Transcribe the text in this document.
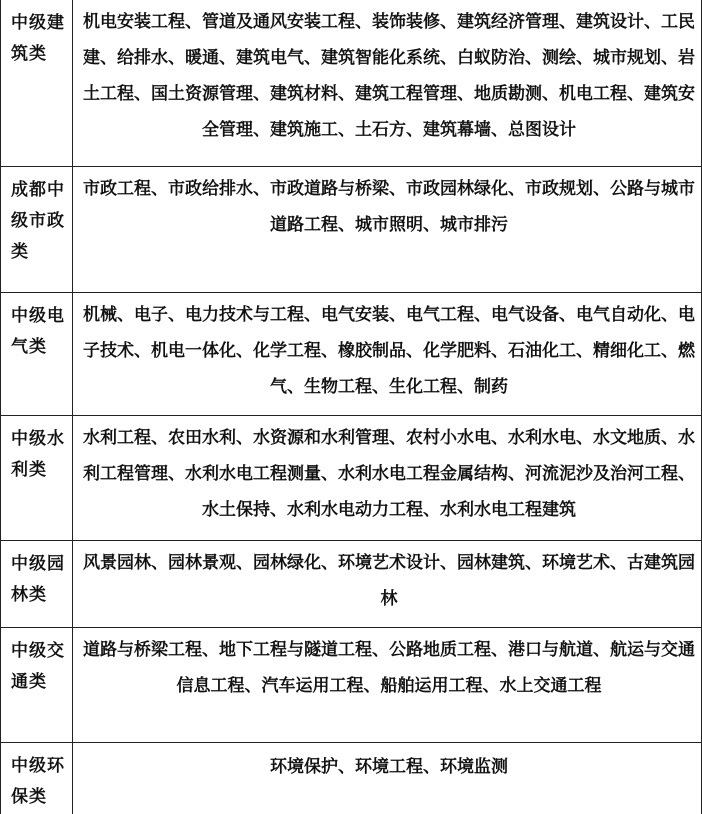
中级建筑类
机电安装工程、管道及通风安装工程、装饰装修、建筑经济管理、建筑设计、工民建、给排水、暖通、建筑电气、建筑智能化系统、白蚁防治、测绘、城市规划、岩土工程、国土资源管理、建筑材料、建筑工程管理、地质勘测、机电工程、建筑安全管理、建筑施工、土石方、建筑幕墙、总图设计
成都中级市政类
市政工程、市政给排水、市政道路与桥梁、市政园林绿化、市政规划、公路与城市道路工程、城市照明、城市排污
中级电气类
机械、电子、电力技术与工程、电气安装、电气工程、电气设备、电气自动化、电子技术、机电一体化、化学工程、橡胶制品、化学肥料、石油化工、精细化工、燃气、生物工程、生化工程、制药
中级水利类
水利工程、农田水利、水资源和水利管理、农村小水电、水利水电、水文地质、水利工程管理、水利水电工程测量、水利水电工程金属结构、河流泥沙及治河工程、水土保持、水利水电动力工程、水利水电工程建筑
中级园林类
风景园林、园林景观、园林绿化、环境艺术设计、园林建筑、环境艺术、古建筑园林
中级交通类
道路与桥梁工程、地下工程与隧道工程、公路地质工程、港口与航道、航运与交通信息工程、汽车运用工程、船舶运用工程、水上交通工程
中级环保类
环境保护、环境工程、环境监测
